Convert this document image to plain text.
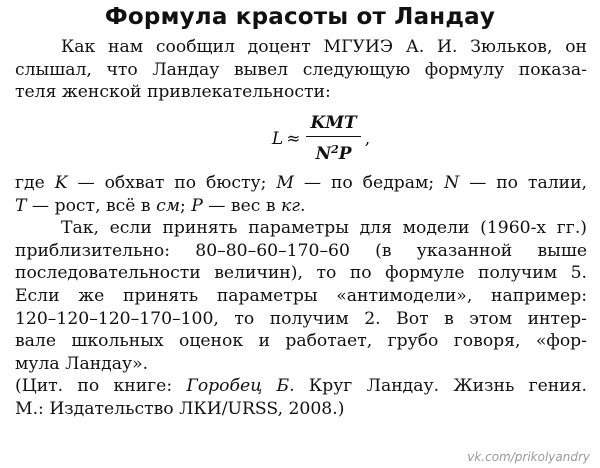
Формула красоты от Ландау
Как нам сообщил доцент МГУИЭ А. И. Зюльков, он
слышал, что Ландау вывел следующую формулу показа-
теля женской привлекательности:
$L \approx \frac{\text{KMT}}{N^2P}$ ,
где K — обхват по бюсту; M — по бедрам; N — по талии,
T — рост, всё в см; P — вес в кг.
Так, если принять параметры для модели (1960-х гг.)
приблизительно: 80–80–60–170–60 (в указанной выше
последовательности величин), то по формуле получим 5.
Если же принять параметры «антимодели», например:
120–120–120–170–100, то получим 2. Вот в этом интер-
вале школьных оценок и работает, грубо говоря, «фор-
мула Ландау».
(Цит. по книге: Горобец Б. Круг Ландау. Жизнь гения.
М.: Издательство ЛКИ/URSS, 2008.)
vk.com/prikolyandry
